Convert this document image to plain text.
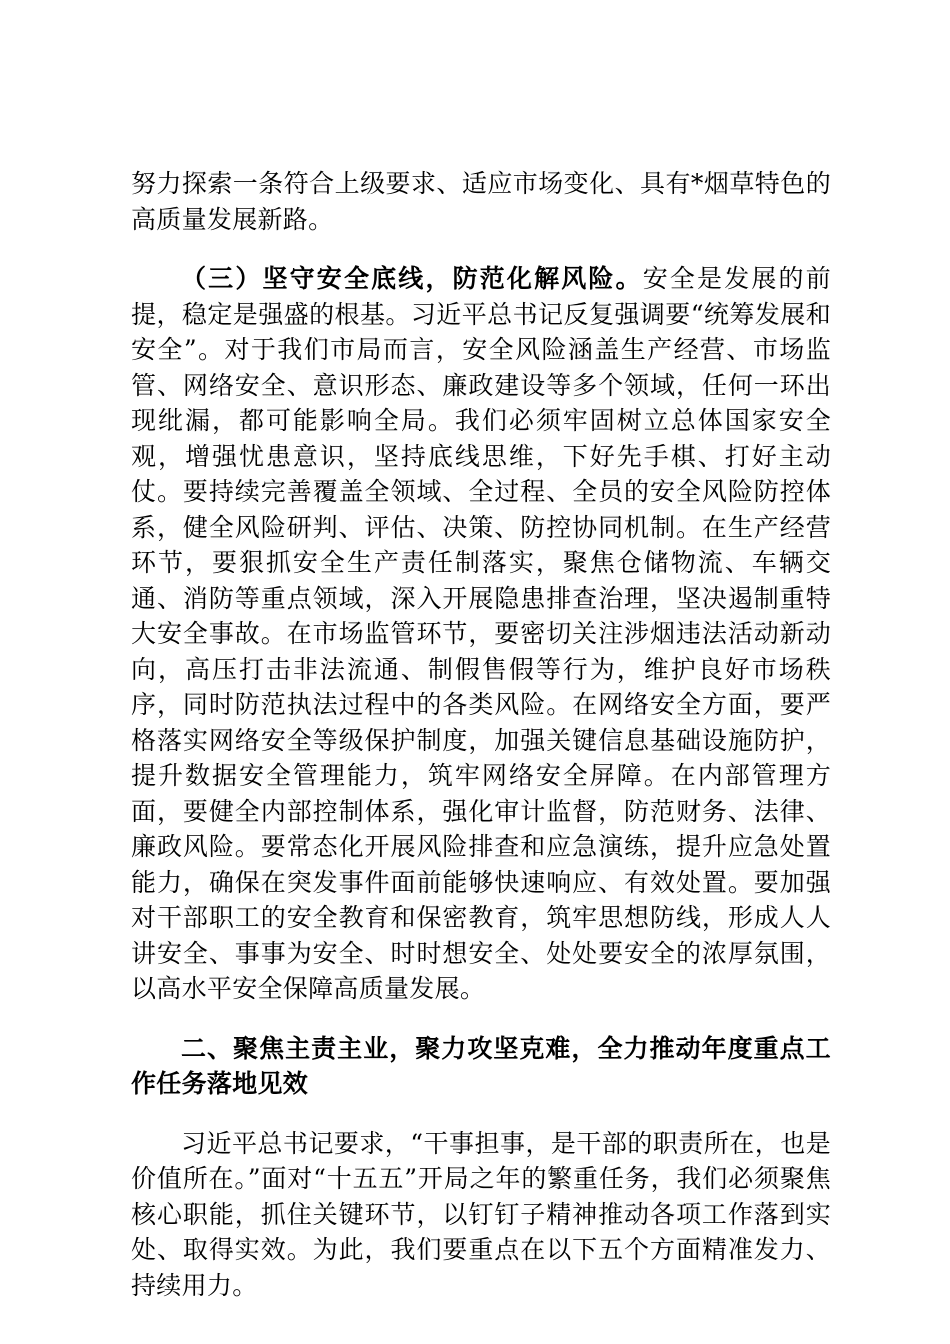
努力探索一条符合上级要求、适应市场变化、具有*烟草特色的高质量发展新路。

（三）坚守安全底线，防范化解风险。安全是发展的前提，稳定是强盛的根基。习近平总书记反复强调要“统筹发展和安全”。对于我们市局而言，安全风险涵盖生产经营、市场监管、网络安全、意识形态、廉政建设等多个领域，任何一环出现纰漏，都可能影响全局。我们必须牢固树立总体国家安全观，增强忧患意识，坚持底线思维，下好先手棋、打好主动仗。要持续完善覆盖全领域、全过程、全员的安全风险防控体系，健全风险研判、评估、决策、防控协同机制。在生产经营环节，要狠抓安全生产责任制落实，聚焦仓储物流、车辆交通、消防等重点领域，深入开展隐患排查治理，坚决遏制重特大安全事故。在市场监管环节，要密切关注涉烟违法活动新动向，高压打击非法流通、制假售假等行为，维护良好市场秩序，同时防范执法过程中的各类风险。在网络安全方面，要严格落实网络安全等级保护制度，加强关键信息基础设施防护，提升数据安全管理能力，筑牢网络安全屏障。在内部管理方面，要健全内部控制体系，强化审计监督，防范财务、法律、廉政风险。要常态化开展风险排查和应急演练，提升应急处置能力，确保在突发事件面前能够快速响应、有效处置。要加强对干部职工的安全教育和保密教育，筑牢思想防线，形成人人讲安全、事事为安全、时时想安全、处处要安全的浓厚氛围，以高水平安全保障高质量发展。

二、聚焦主责主业，聚力攻坚克难，全力推动年度重点工作任务落地见效

习近平总书记要求，“干事担事，是干部的职责所在，也是价值所在。”面对“十五五”开局之年的繁重任务，我们必须聚焦核心职能，抓住关键环节，以钉钉子精神推动各项工作落到实处、取得实效。为此，我们要重点在以下五个方面精准发力、持续用力。
